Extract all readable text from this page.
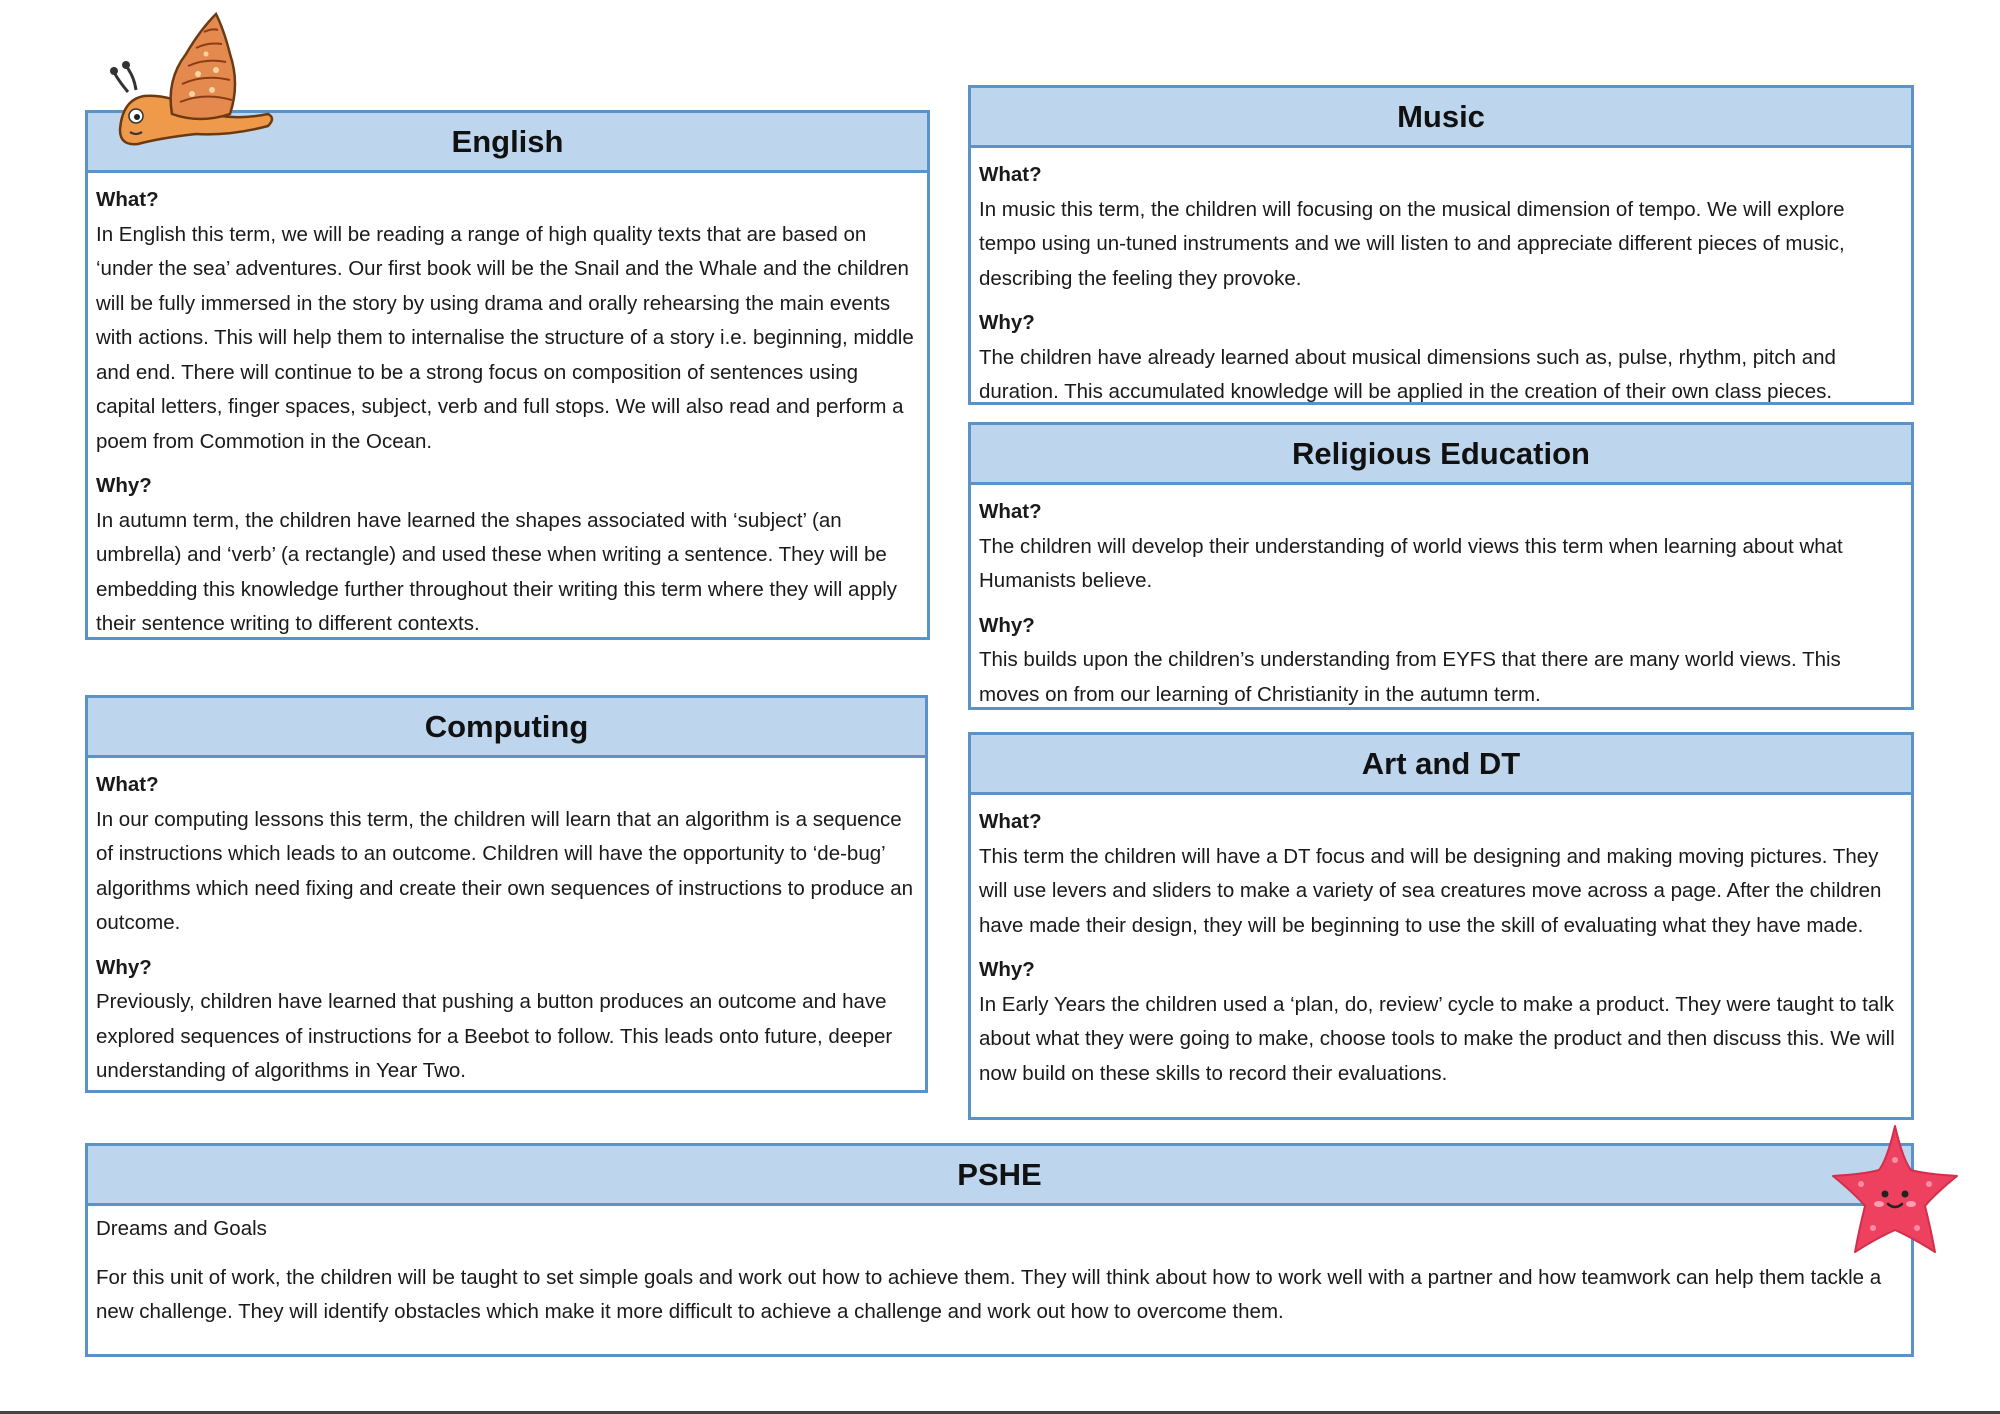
English
What?
In English this term, we will be reading a range of high quality texts that are based on ‘under the sea’ adventures. Our first book will be the Snail and the Whale and the children will be fully immersed in the story by using drama and orally rehearsing the main events with actions. This will help them to internalise the structure of a story i.e. beginning, middle and end. There will continue to be a strong focus on composition of sentences using capital letters, finger spaces, subject, verb and full stops. We will also read and perform a poem from Commotion in the Ocean.
Why?
In autumn term, the children have learned the shapes associated with ‘subject’ (an umbrella) and ‘verb’ (a rectangle) and used these when writing a sentence. They will be embedding this knowledge further throughout their writing this term where they will apply their sentence writing to different contexts.
Computing
What?
In our computing lessons this term, the children will learn that an algorithm is a sequence of instructions which leads to an outcome. Children will have the opportunity to ‘de-bug’ algorithms which need fixing and create their own sequences of instructions to produce an outcome.
Why?
Previously, children have learned that pushing a button produces an outcome and have explored sequences of instructions for a Beebot to follow. This leads onto future, deeper understanding of algorithms in Year Two.
Music
What?
In music this term, the children will focusing on the musical dimension of tempo. We will explore tempo using un-tuned instruments and we will listen to and appreciate different pieces of music, describing the feeling they provoke.
Why?
The children have already learned about musical dimensions such as, pulse, rhythm, pitch and duration. This accumulated knowledge will be applied in the creation of their own class pieces.
Religious Education
What?
The children will develop their understanding of world views this term when learning about what Humanists believe.
Why?
This builds upon the children’s understanding from EYFS that there are many world views. This moves on from our learning of Christianity in the autumn term.
Art and DT
What?
This term the children will have a DT focus and will be designing and making moving pictures. They will use levers and sliders to make a variety of sea creatures move across a page. After the children have made their design, they will be beginning to use the skill of evaluating what they have made.
Why?
In Early Years the children used a ‘plan, do, review’ cycle to make a product. They were taught to talk about what they were going to make, choose tools to make the product and then discuss this. We will now build on these skills to record their evaluations.
PSHE
Dreams and Goals
For this unit of work, the children will be taught to set simple goals and work out how to achieve them. They will think about how to work well with a partner and how teamwork can help them tackle a new challenge. They will identify obstacles which make it more difficult to achieve a challenge and work out how to overcome them.
